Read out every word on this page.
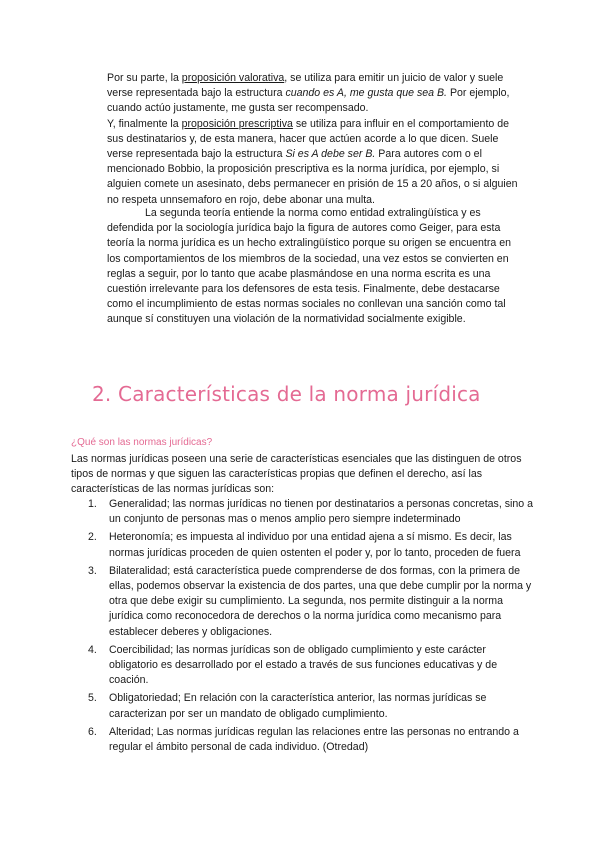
Por su parte, la proposición valorativa, se utiliza para emitir un juicio de valor y suele verse representada bajo la estructura cuando es A, me gusta que sea B. Por ejemplo, cuando actúo justamente, me gusta ser recompensado.
Y, finalmente la proposición prescriptiva se utiliza para influir en el comportamiento de sus destinatarios y, de esta manera, hacer que actúen acorde a lo que dicen. Suele verse representada bajo la estructura Si es A debe ser B. Para autores com o el mencionado Bobbio, la proposición prescriptiva es la norma jurídica, por ejemplo, si alguien comete un asesinato, debs permanecer en prisión de 15 a 20 años, o si alguien no respeta unnsemaforo en rojo, debe abonar una multa.

La segunda teoría entiende la norma como entidad extralingüística y es defendida por la sociología jurídica bajo la figura de autores como Geiger, para esta teoría la norma jurídica es un hecho extralingüístico porque su origen se encuentra en los comportamientos de los miembros de la sociedad, una vez estos se convierten en reglas a seguir, por lo tanto que acabe plasmándose en una norma escrita es una cuestión irrelevante para los defensores de esta tesis. Finalmente, debe destacarse como el incumplimiento de estas normas sociales no conllevan una sanción como tal aunque sí constituyen una violación de la normatividad socialmente exigible.

2. Características de la norma jurídica

¿Qué son las normas jurídicas?

Las normas jurídicas poseen una serie de características esenciales que las distinguen de otros tipos de normas y que siguen las características propias que definen el derecho, así las características de las normas jurídicas son:

1. Generalidad; las normas jurídicas no tienen por destinatarios a personas concretas, sino a un conjunto de personas mas o menos amplio pero siempre indeterminado
2. Heteronomía; es impuesta al individuo por una entidad ajena a sí mismo. Es decir, las normas jurídicas proceden de quien ostenten el poder y, por lo tanto, proceden de fuera
3. Bilateralidad; está característica puede comprenderse de dos formas, con la primera de ellas, podemos observar la existencia de dos partes, una que debe cumplir por la norma y otra que debe exigir su cumplimiento. La segunda, nos permite distinguir a la norma jurídica como reconocedora de derechos o la norma jurídica como mecanismo para establecer deberes y obligaciones.
4. Coercibilidad; las normas jurídicas son de obligado cumplimiento y este carácter obligatorio es desarrollado por el estado a través de sus funciones educativas y de coación.
5. Obligatoriedad; En relación con la característica anterior, las normas jurídicas se caracterizan por ser un mandato de obligado cumplimiento.
6. Alteridad; Las normas jurídicas regulan las relaciones entre las personas no entrando a regular el ámbito personal de cada individuo. (Otredad)
